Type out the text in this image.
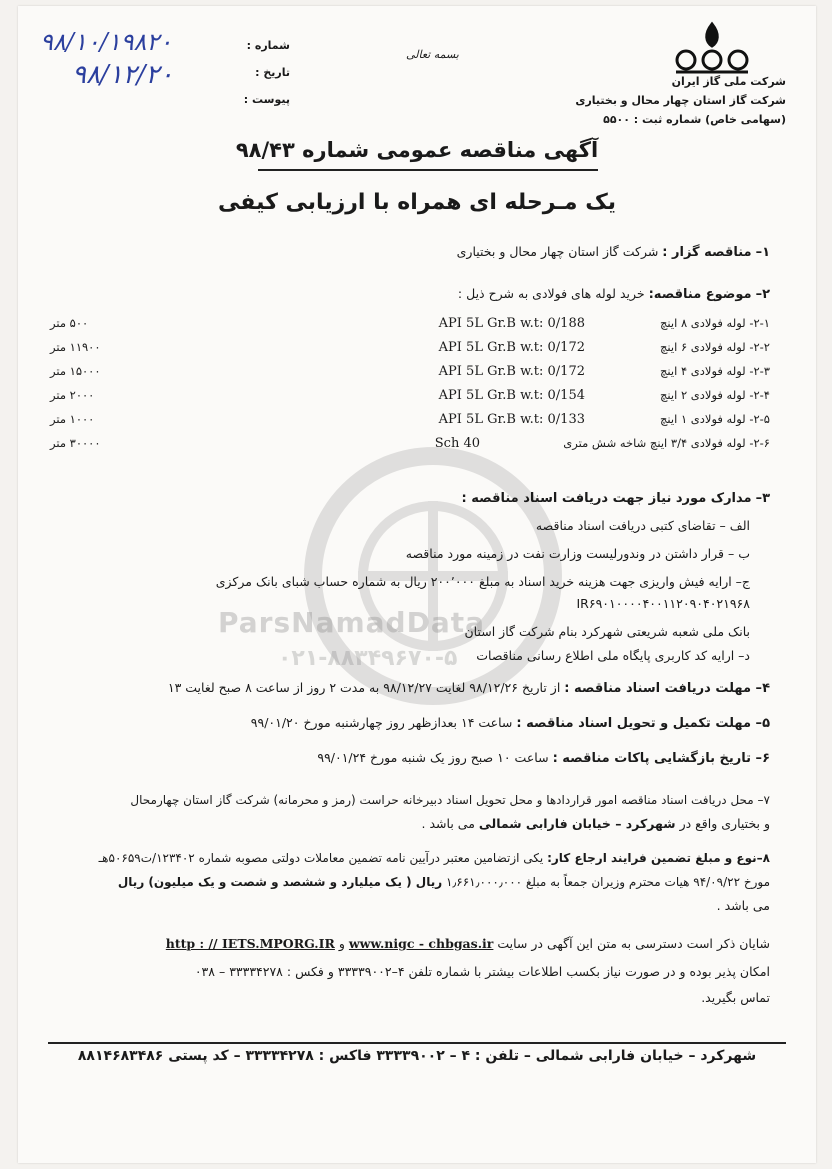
شرکت ملی گاز ایران
شرکت گاز استان چهار محال و بختیاری
(سهامی خاص) شماره ثبت : ۵۵۰۰
بسمه تعالی
شماره :
تاریخ :
پیوست :
۹۸/۱۰/۱۹۸۲۰
۹۸/۱۲/۲۰
ParsNamadData
۰۲۱-۸۸۳۴۹۶۷۰-۵
آگهی مناقصه عمومی شماره ۹۸/۴۳
یک مـرحله ای همراه با ارزیابی کیفی
۱– مناقصه گزار : شرکت گاز استان چهار محال و بختیاری
۲– موضوع مناقصه: خرید لوله های فولادی به شرح ذیل :
۲-۱- لوله فولادی ۸ اینچ
API 5L Gr.B w.t: 0/188
۵۰۰ متر
۲-۲- لوله فولادی ۶ اینچ
API 5L Gr.B w.t: 0/172
۱۱۹۰۰ متر
۲-۳- لوله فولادی ۴ اینچ
API 5L Gr.B w.t: 0/172
۱۵۰۰۰ متر
۲-۴- لوله فولادی ۲ اینچ
API 5L Gr.B w.t: 0/154
۲۰۰۰ متر
۲-۵- لوله فولادی ۱ اینچ
API 5L Gr.B w.t: 0/133
۱۰۰۰ متر
۲-۶- لوله فولادی ۳/۴ اینچ شاخه شش متری
Sch 40
۳۰۰۰۰ متر
۳– مدارک مورد نیاز جهت دریافت اسناد مناقصه :
الف – تقاضای کتبی دریافت اسناد مناقصه
ب – قرار داشتن در وندورلیست وزارت نفت در زمینه مورد مناقصه
ج– ارایه فیش واریزی جهت هزینه خرید اسناد به مبلغ ۲۰۰٬۰۰۰ ریال به شماره حساب شبای بانک مرکزی
IR۶۹۰۱۰۰۰۰۴۰۰۱۱۲۰۹۰۴۰۲۱۹۶۸
بانک ملی شعبه شریعتی شهرکرد بنام شرکت گاز استان
د– ارایه کد کاربری پایگاه ملی اطلاع رسانی مناقصات
۴– مهلت دریافت اسناد مناقصه : از تاریخ ۹۸/۱۲/۲۶ لغایت ۹۸/۱۲/۲۷ به مدت ۲ روز از ساعت ۸ صبح لغایت ۱۳
۵– مهلت تکمیل و تحویل اسناد مناقصه : ساعت ۱۴ بعدازظهر روز چهارشنبه مورخ ۹۹/۰۱/۲۰
۶– تاریخ بازگشایی پاکات مناقصه : ساعت ۱۰ صبح روز یک شنبه مورخ ۹۹/۰۱/۲۴
۷– محل دریافت اسناد مناقصه امور قراردادها و محل تحویل اسناد دبیرخانه حراست (رمز و محرمانه) شرکت گاز استان چهارمحال
و بختیاری واقع در شهرکرد – خیابان فارابی شمالی می باشد .
۸–نوع و مبلغ تضمین فرایند ارجاع کار: یکی ازتضامین معتبر درآیین نامه تضمین معاملات دولتی مصوبه شماره ۱۲۳۴۰۲/ت۵۰۶۵۹هـ
مورخ ۹۴/۰۹/۲۲ هیات محترم وزیران جمعاً به مبلغ ۱٫۶۶۱٫۰۰۰٫۰۰۰ ریال ( یک میلیارد و ششصد و شصت و یک میلیون) ریال
می باشد .
شایان ذکر است دسترسی به متن این آگهی در سایت www.nigc - chbgas.ir و http : // IETS.MPORG.IR
امکان پذیر بوده و در صورت نیاز بکسب اطلاعات بیشتر با شماره تلفن ۴–۳۳۳۳۹۰۰۲ و فکس : ۳۳۳۳۴۲۷۸ – ۰۳۸
تماس بگیرید.
شهرکرد – خیابان فارابی شمالی – تلفن : ۴ – ۳۳۳۳۹۰۰۲ فاکس : ۳۳۳۳۴۲۷۸ – کد پستی ۸۸۱۴۶۸۳۴۸۶
